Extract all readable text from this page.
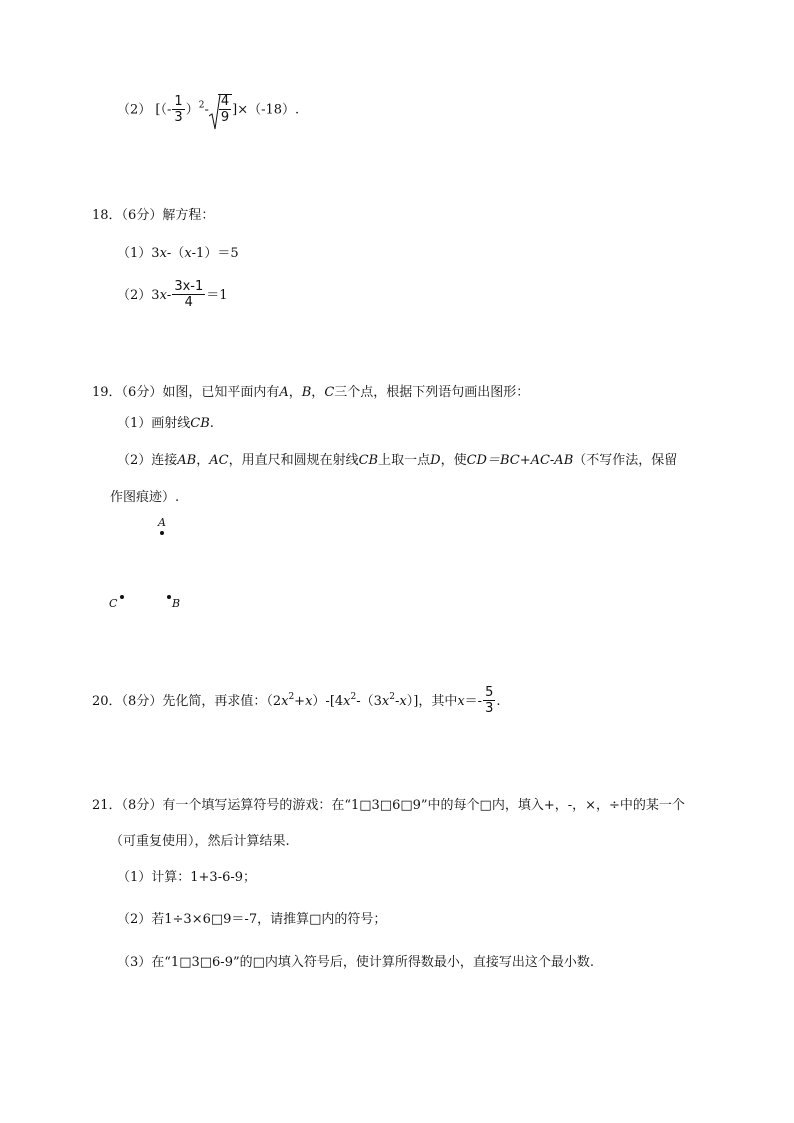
（2） [（- $\frac{1}{3} )^2- \frac{4}{9} ]\times(-18)$.
18．（6分）解方程：
（1）3x-（x-1）＝5
$(2)3x- \frac{3x-1}{4} =1$
19．（6分）如图，已知平面内有A，B，C三个点，根据下列语句画出图形：
（1）画射线CB.
（2）连接AB，AC，用直尺和圆规在射线CB上取一点D，使CD＝BC+AC-AB（不写作法，保留
作图痕迹）.
A
C	B
20．（8分）先化简，再求值：$(2x^2+x)-[4x^2-(3x^2-x)]$，其中$x=- \frac{5}{3}$ .
21．（8分）有一个填写运算符号的游戏：在“1□3□6□9”中的每个□内，填入+，-，×，÷中的某一个
（可重复使用），然后计算结果.
（1）计算：1+3-6-9；
（2）若1÷3×6□9＝-7，请推算□内的符号；
（3）在“1□3□6-9”的□内填入符号后，使计算所得数最小，直接写出这个最小数.
